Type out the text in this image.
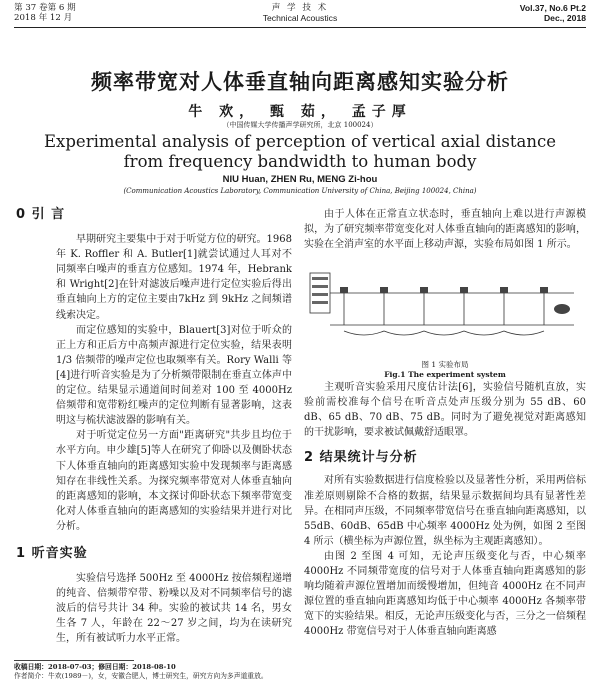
第 37 卷第 6 期
2018 年 12 月
声 学 技 术
Technical Acoustics
Vol.37, No.6 Pt.2
Dec., 2018
频率带宽对人体垂直轴向距离感知实验分析
牛 欢， 甄 茹， 孟子厚
（中国传媒大学传播声学研究所，北京 100024）
Experimental analysis of perception of vertical axial distance
from frequency bandwidth to human body
NIU Huan, ZHEN Ru, MENG Zi-hou
(Communication Acoustics Laboratory, Communication University of China, Beijing 100024, China)
0 引 言

早期研究主要集中于对于听觉方位的研究。1968 年 K. Roffler 和 A. Butler[1]就尝试通过人耳对不同频率白噪声的垂直方位感知。1974 年，Hebrank 和 Wright[2]在针对滤波后噪声进行定位实验后得出垂直轴向上方的定位主要由7kHz 到 9kHz 之间频谱线索决定。

而定位感知的实验中，Blauert[3]对位于听众的正上方和正后方中高频声源进行定位实验，结果表明 1/3 倍频带的噪声定位也取频率有关。Rory Walli 等[4]进行听音实验是为了分析频带限制在垂直立体声中的定位。结果显示通道间时间差对 100 至 4000Hz 倍频带和宽带粉红噪声的定位判断有显著影响，这表明这与梳状滤波器的影响有关。

对于听觉定位另一方面"距离研究"共步且均位于水平方向。申少雄[5]等人在研究了仰卧以及侧卧状态下人体垂直轴向的距离感知实验中发现频率与距离感知存在非线性关系。为探究频率带宽对人体垂直轴向的距离感知的影响，本文探讨仰卧状态下频率带宽变化对人体垂直轴向的距离感知的实验结果并进行对比分析。

1 听音实验

实验信号选择 500Hz 至 4000Hz 按倍频程递增的纯音、倍频带窄带、粉噪以及对不同频率信号的滤波后的信号共计 34 种。实验的被试共 14 名，男女生各 7 人，年龄在 22～27 岁之间，均为在读研究生，所有被试听力水平正常。

由于人体在正常直立状态时，垂直轴向上难以进行声源模拟，为了研究频率带宽变化对人体垂直轴向的距离感知的影响，实验在全消声室的水平面上移动声源，实验布局如图 1 所示。

图 1 实验布局
Fig.1 The experiment system

主观听音实验采用尺度估计法[6]，实验信号随机直放，实验前需校准每个信号在听音点处声压级分别为 55 dB、60 dB、65 dB、70 dB、75 dB。同时为了避免视觉对距离感知的干扰影响，要求被试佩戴舒适眼罩。

2 结果统计与分析

对所有实验数据进行信度检验以及显著性分析，采用两倍标准差原则剔除不合格的数据，结果显示数据间均具有显著性差异。在相同声压级，不同频率带宽信号在垂直轴向距离感知，以 55dB、60dB、65dB 中心频率 4000Hz 处为例，如图 2 至图 4 所示（横坐标为声源位置，纵坐标为主观距离感知）。

由图 2 至图 4 可知，无论声压级变化与否，中心频率 4000Hz 不同频带宽度的信号对于人体垂直轴向距离感知的影响均随着声源位置增加而缓慢增加，但纯音 4000Hz 在不同声源位置的垂直轴向距离感知均低于中心频率 4000Hz 各频率带宽下的实验结果。相反，无论声压级变化与否，三分之一倍频程 4000Hz 带宽信号对于人体垂直轴向距离感

收稿日期：2018-07-03；修回日期：2018-08-10
作者简介：牛欢(1989－)，女，安徽合肥人，博士研究生，研究方向为多声道重放。
